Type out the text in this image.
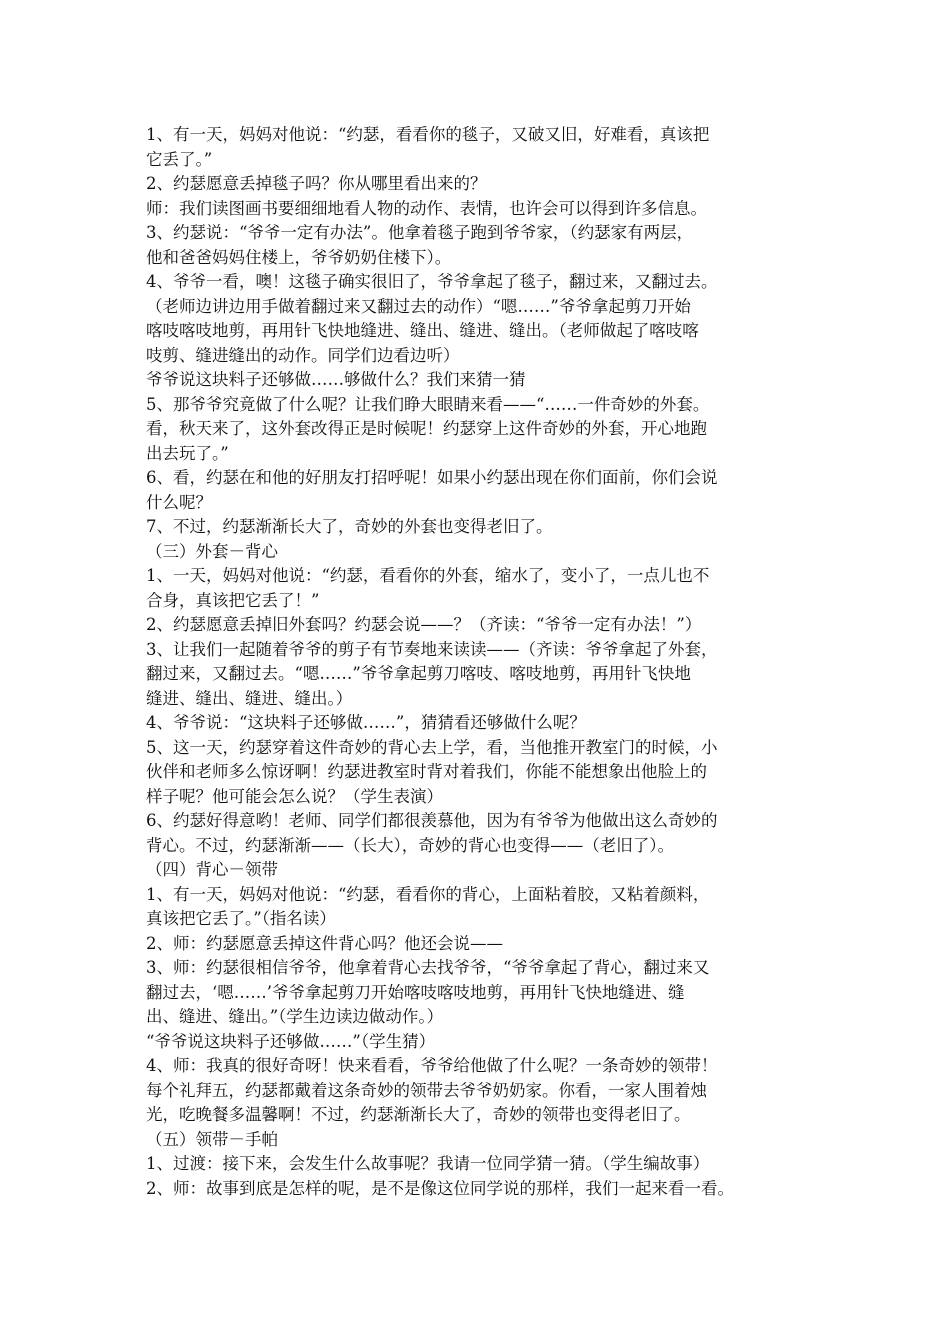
1、有一天，妈妈对他说：“约瑟，看看你的毯子，又破又旧，好难看，真该把
它丢了。”
2、约瑟愿意丢掉毯子吗？你从哪里看出来的？
师：我们读图画书要细细地看人物的动作、表情，也许会可以得到许多信息。
3、约瑟说：“爷爷一定有办法”。他拿着毯子跑到爷爷家，（约瑟家有两层，
他和爸爸妈妈住楼上，爷爷奶奶住楼下）。
4、爷爷一看，噢！这毯子确实很旧了，爷爷拿起了毯子，翻过来，又翻过去。
（老师边讲边用手做着翻过来又翻过去的动作）“嗯……”爷爷拿起剪刀开始
喀吱喀吱地剪，再用针飞快地缝进、缝出、缝进、缝出。（老师做起了喀吱喀
吱剪、缝进缝出的动作。同学们边看边听）
爷爷说这块料子还够做……够做什么？我们来猜一猜
5、那爷爷究竟做了什么呢？让我们睁大眼睛来看——“……一件奇妙的外套。
看，秋天来了，这外套改得正是时候呢！约瑟穿上这件奇妙的外套，开心地跑
出去玩了。”
6、看，约瑟在和他的好朋友打招呼呢！如果小约瑟出现在你们面前，你们会说
什么呢？
7、不过，约瑟渐渐长大了，奇妙的外套也变得老旧了。
（三）外套－背心
1、一天，妈妈对他说：“约瑟，看看你的外套，缩水了，变小了，一点儿也不
合身，真该把它丢了！”
2、约瑟愿意丢掉旧外套吗？约瑟会说——？（齐读：“爷爷一定有办法！”）
3、让我们一起随着爷爷的剪子有节奏地来读读——（齐读：爷爷拿起了外套，
翻过来，又翻过去。“嗯……”爷爷拿起剪刀喀吱、喀吱地剪，再用针飞快地
缝进、缝出、缝进、缝出。）
4、爷爷说：“这块料子还够做……”，猜猜看还够做什么呢？
5、这一天，约瑟穿着这件奇妙的背心去上学，看，当他推开教室门的时候，小
伙伴和老师多么惊讶啊！约瑟进教室时背对着我们，你能不能想象出他脸上的
样子呢？他可能会怎么说？（学生表演）
6、约瑟好得意哟！老师、同学们都很羡慕他，因为有爷爷为他做出这么奇妙的
背心。不过，约瑟渐渐——（长大），奇妙的背心也变得——（老旧了）。
（四）背心－领带
1、有一天，妈妈对他说：“约瑟，看看你的背心，上面粘着胶，又粘着颜料，
真该把它丢了。”（指名读）
2、师：约瑟愿意丢掉这件背心吗？他还会说——
3、师：约瑟很相信爷爷，他拿着背心去找爷爷，“爷爷拿起了背心，翻过来又
翻过去，‘嗯……’爷爷拿起剪刀开始喀吱喀吱地剪，再用针飞快地缝进、缝
出、缝进、缝出。”（学生边读边做动作。）
“爷爷说这块料子还够做……”（学生猜）
4、师：我真的很好奇呀！快来看看，爷爷给他做了什么呢？一条奇妙的领带！
每个礼拜五，约瑟都戴着这条奇妙的领带去爷爷奶奶家。你看，一家人围着烛
光，吃晚餐多温馨啊！不过，约瑟渐渐长大了，奇妙的领带也变得老旧了。
（五）领带－手帕
1、过渡：接下来，会发生什么故事呢？我请一位同学猜一猜。（学生编故事）
2、师：故事到底是怎样的呢，是不是像这位同学说的那样，我们一起来看一看。
